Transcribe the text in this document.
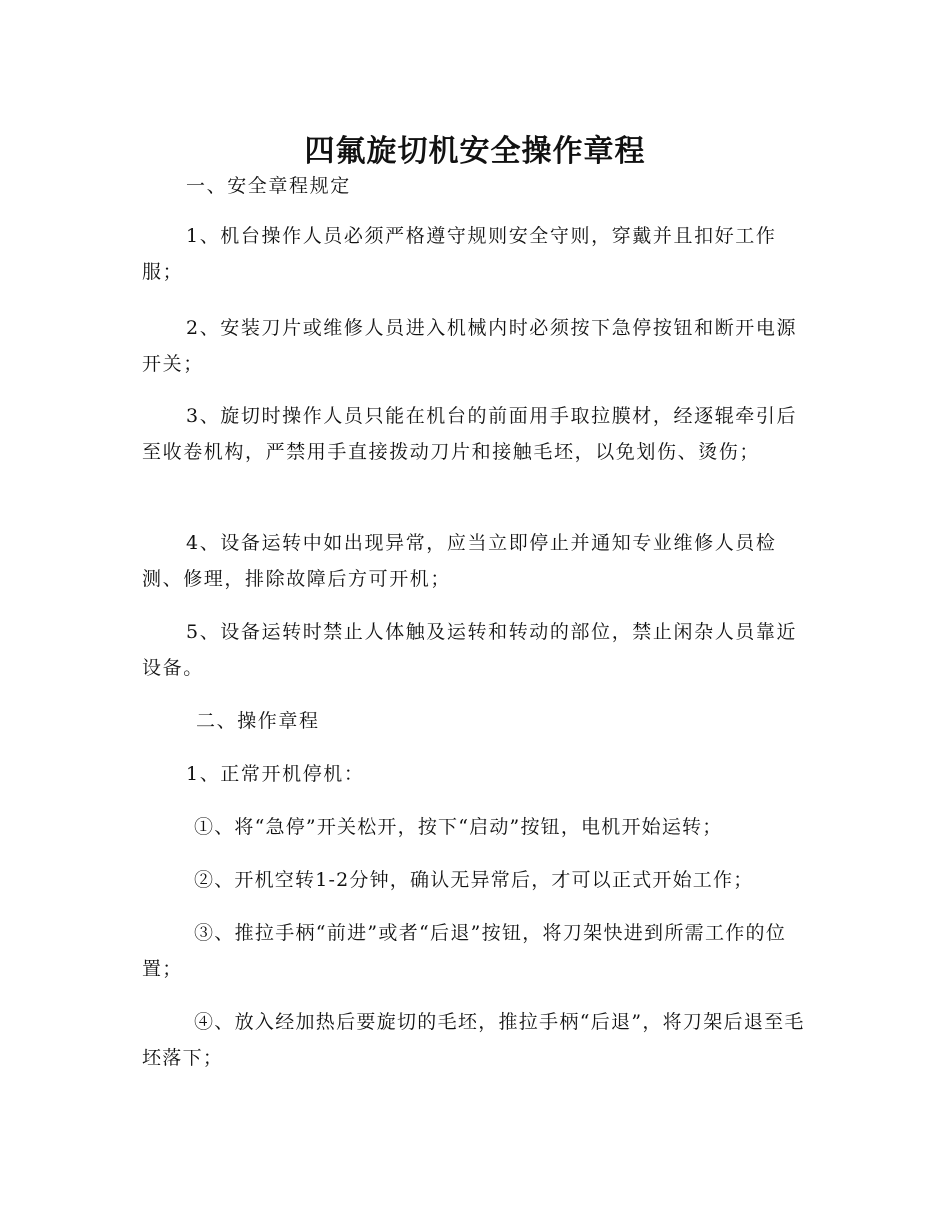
四氟旋切机安全操作章程

一、安全章程规定

1、机台操作人员必须严格遵守规则安全守则，穿戴并且扣好工作服；

2、安装刀片或维修人员进入机械内时必须按下急停按钮和断开电源开关；

3、旋切时操作人员只能在机台的前面用手取拉膜材，经逐辊牵引后至收卷机构，严禁用手直接拨动刀片和接触毛坯，以免划伤、烫伤；

4、设备运转中如出现异常，应当立即停止并通知专业维修人员检测、修理，排除故障后方可开机；

5、设备运转时禁止人体触及运转和转动的部位，禁止闲杂人员靠近设备。

二、操作章程

1、正常开机停机：

①、将“急停”开关松开，按下“启动”按钮，电机开始运转；

②、开机空转1-2分钟，确认无异常后，才可以正式开始工作；

③、推拉手柄“前进”或者“后退”按钮，将刀架快进到所需工作的位置；

④、放入经加热后要旋切的毛坯，推拉手柄“后退”，将刀架后退至毛坯落下；
